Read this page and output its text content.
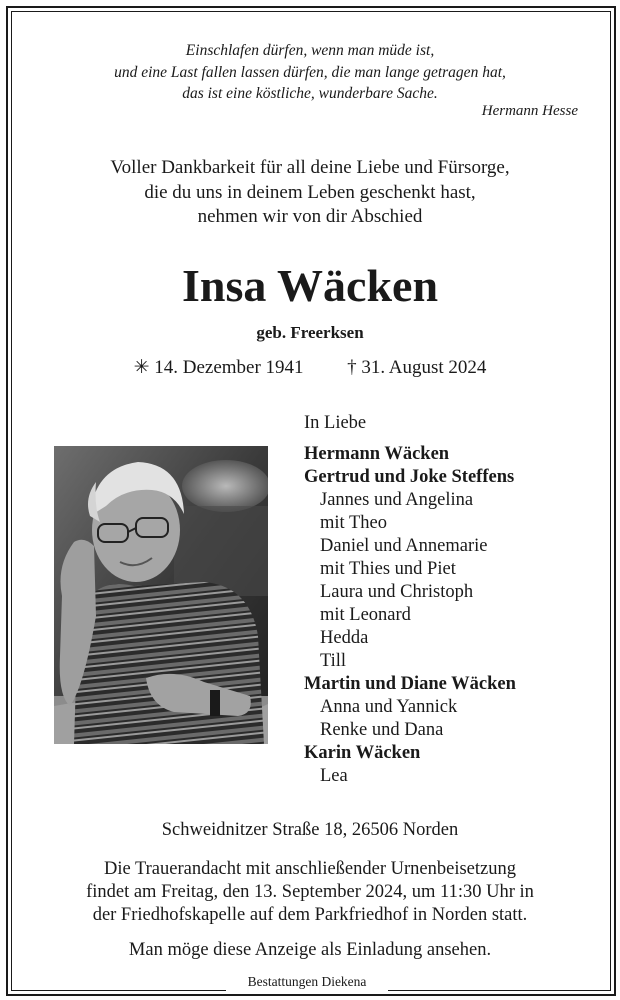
Einschlafen dürfen, wenn man müde ist,
und eine Last fallen lassen dürfen, die man lange getragen hat,
das ist eine köstliche, wunderbare Sache.
Hermann Hesse
Voller Dankbarkeit für all deine Liebe und Fürsorge,
die du uns in deinem Leben geschenkt hast,
nehmen wir von dir Abschied
Insa Wäcken
geb. Freerksen
✳ 14. Dezember 1941 † 31. August 2024
In Liebe
Hermann Wäcken
Gertrud und Joke Steffens
Jannes und Angelina
mit Theo
Daniel und Annemarie
mit Thies und Piet
Laura und Christoph
mit Leonard
Hedda
Till
Martin und Diane Wäcken
Anna und Yannick
Renke und Dana
Karin Wäcken
Lea
Schweidnitzer Straße 18, 26506 Norden
Die Trauerandacht mit anschließender Urnenbeisetzung
findet am Freitag, den 13. September 2024, um 11:30 Uhr in
der Friedhofskapelle auf dem Parkfriedhof in Norden statt.
Man möge diese Anzeige als Einladung ansehen.
Bestattungen Diekena
